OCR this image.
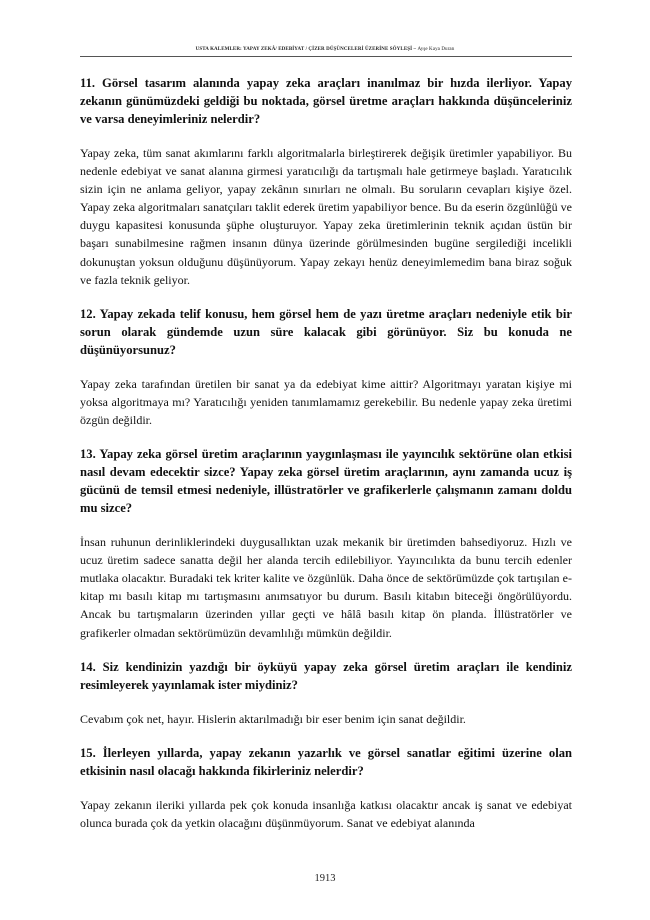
USTA KALEMLER: YAPAY ZEKÂ/ EDEBİYAT / ÇİZER DÜŞÜNCELERİ ÜZERİNE SÖYLEŞİ – Ayşe Kaya Duran

11. Görsel tasarım alanında yapay zeka araçları inanılmaz bir hızda ilerliyor. Yapay zekanın günümüzdeki geldiği bu noktada, görsel üretme araçları hakkında düşünceleriniz ve varsa deneyimleriniz nelerdir?

Yapay zeka, tüm sanat akımlarını farklı algoritmalarla birleştirerek değişik üretimler yapabiliyor. Bu nedenle edebiyat ve sanat alanına girmesi yaratıcılığı da tartışmalı hale getirmeye başladı. Yaratıcılık sizin için ne anlama geliyor, yapay zekânın sınırları ne olmalı. Bu soruların cevapları kişiye özel. Yapay zeka algoritmaları sanatçıları taklit ederek üretim yapabiliyor bence. Bu da eserin özgünlüğü ve duygu kapasitesi konusunda şüphe oluşturuyor. Yapay zeka üretimlerinin teknik açıdan üstün bir başarı sunabilmesine rağmen insanın dünya üzerinde görülmesinden bugüne sergilediği incelikli dokunuştan yoksun olduğunu düşünüyorum. Yapay zekayı henüz deneyimlemedim bana biraz soğuk ve fazla teknik geliyor.

12. Yapay zekada telif konusu, hem görsel hem de yazı üretme araçları nedeniyle etik bir sorun olarak gündemde uzun süre kalacak gibi görünüyor. Siz bu konuda ne düşünüyorsunuz?

Yapay zeka tarafından üretilen bir sanat ya da edebiyat kime aittir? Algoritmayı yaratan kişiye mi yoksa algoritmaya mı? Yaratıcılığı yeniden tanımlamamız gerekebilir. Bu nedenle yapay zeka üretimi özgün değildir.

13. Yapay zeka görsel üretim araçlarının yaygınlaşması ile yayıncılık sektörüne olan etkisi nasıl devam edecektir sizce? Yapay zeka görsel üretim araçlarının, aynı zamanda ucuz iş gücünü de temsil etmesi nedeniyle, illüstratörler ve grafikerlerle çalışmanın zamanı doldu mu sizce?

İnsan ruhunun derinliklerindeki duygusallıktan uzak mekanik bir üretimden bahsediyoruz. Hızlı ve ucuz üretim sadece sanatta değil her alanda tercih edilebiliyor. Yayıncılıkta da bunu tercih edenler mutlaka olacaktır. Buradaki tek kriter kalite ve özgünlük. Daha önce de sektörümüzde çok tartışılan e-kitap mı basılı kitap mı tartışmasını anımsatıyor bu durum. Basılı kitabın biteceği öngörülüyordu. Ancak bu tartışmaların üzerinden yıllar geçti ve hâlâ basılı kitap ön planda. İllüstratörler ve grafikerler olmadan sektörümüzün devamlılığı mümkün değildir.

14. Siz kendinizin yazdığı bir öyküyü yapay zeka görsel üretim araçları ile kendiniz resimleyerek yayınlamak ister miydiniz?

Cevabım çok net, hayır. Hislerin aktarılmadığı bir eser benim için sanat değildir.

15. İlerleyen yıllarda, yapay zekanın yazarlık ve görsel sanatlar eğitimi üzerine olan etkisinin nasıl olacağı hakkında fikirleriniz nelerdir?

Yapay zekanın ileriki yıllarda pek çok konuda insanlığa katkısı olacaktır ancak iş sanat ve edebiyat olunca burada çok da yetkin olacağını düşünmüyorum. Sanat ve edebiyat alanında

1913
